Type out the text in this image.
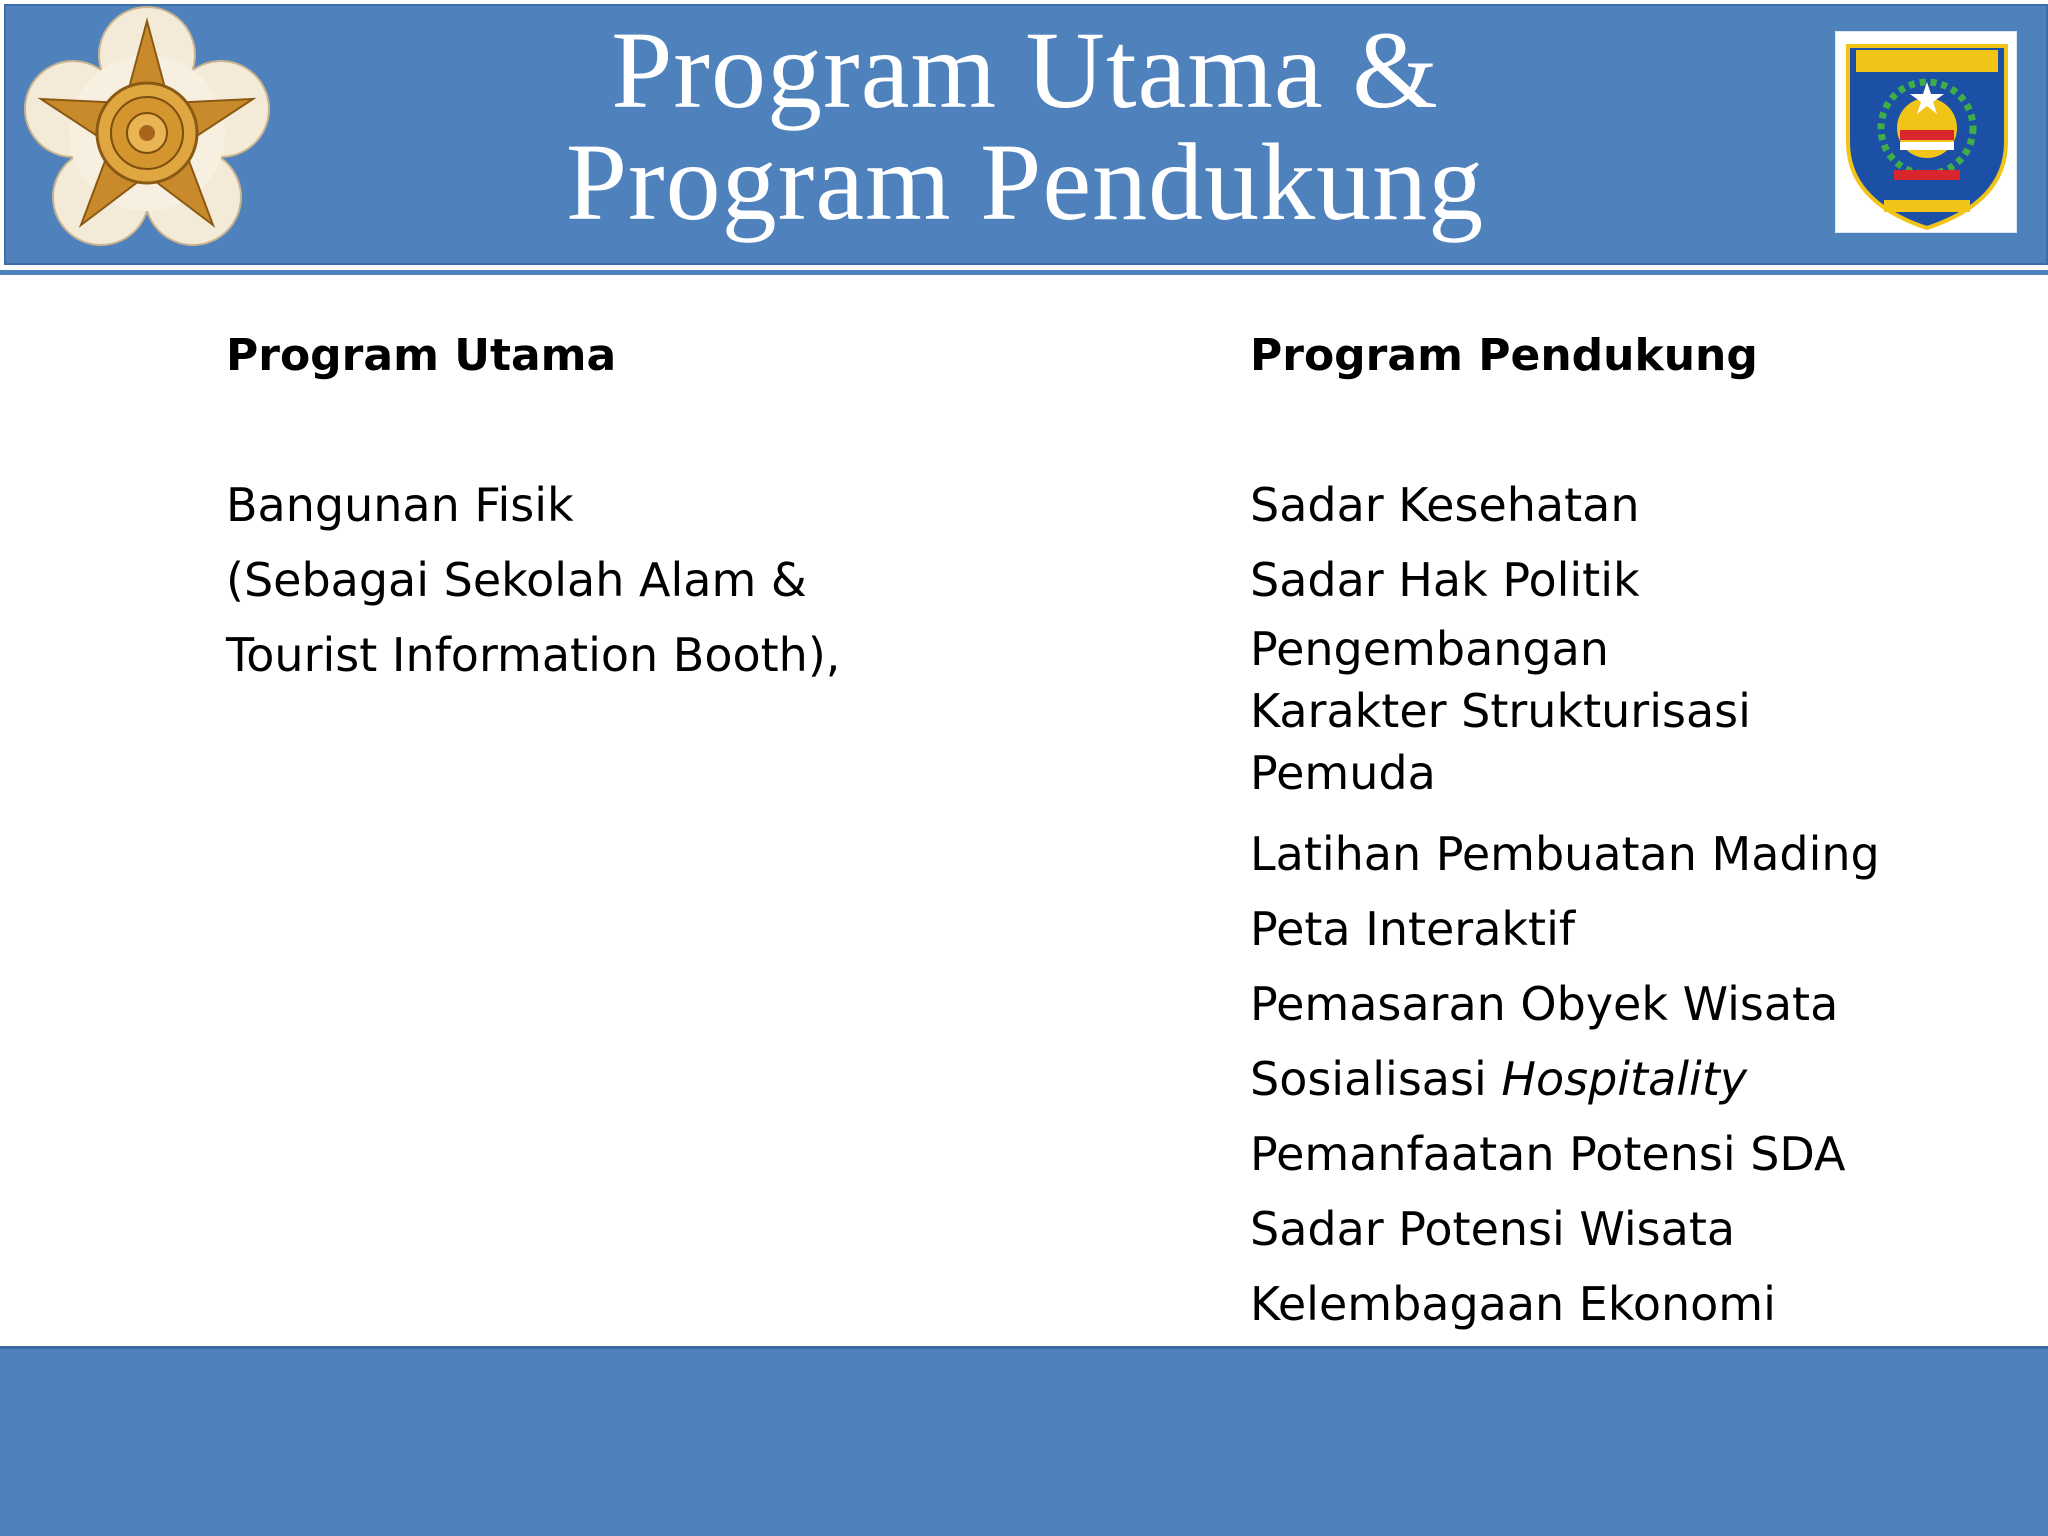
Program Utama &
Program Pendukung
Program Utama
Bangunan Fisik
(Sebagai Sekolah Alam &
Tourist Information Booth),
Program Pendukung
Sadar Kesehatan
Sadar Hak Politik
Pengembangan Karakter Strukturisasi Pemuda
Latihan Pembuatan Mading
Peta Interaktif
Pemasaran Obyek Wisata
Sosialisasi Hospitality
Pemanfaatan Potensi SDA
Sadar Potensi Wisata
Kelembagaan Ekonomi
